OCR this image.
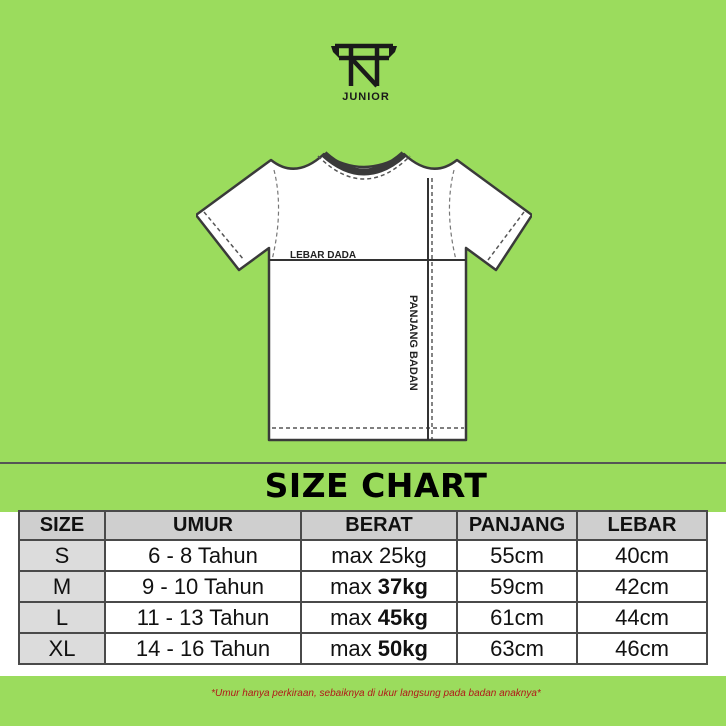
JUNIOR
LEBAR DADA
PANJANG BADAN
SIZE CHART
SIZE	UMUR	BERAT	PANJANG	LEBAR
S	6 - 8 Tahun	max 25kg	55cm	40cm
M	9 - 10 Tahun	max 37kg	59cm	42cm
L	11 - 13 Tahun	max 45kg	61cm	44cm
XL	14 - 16 Tahun	max 50kg	63cm	46cm
*Umur hanya perkiraan, sebaiknya di ukur langsung pada badan anaknya*
